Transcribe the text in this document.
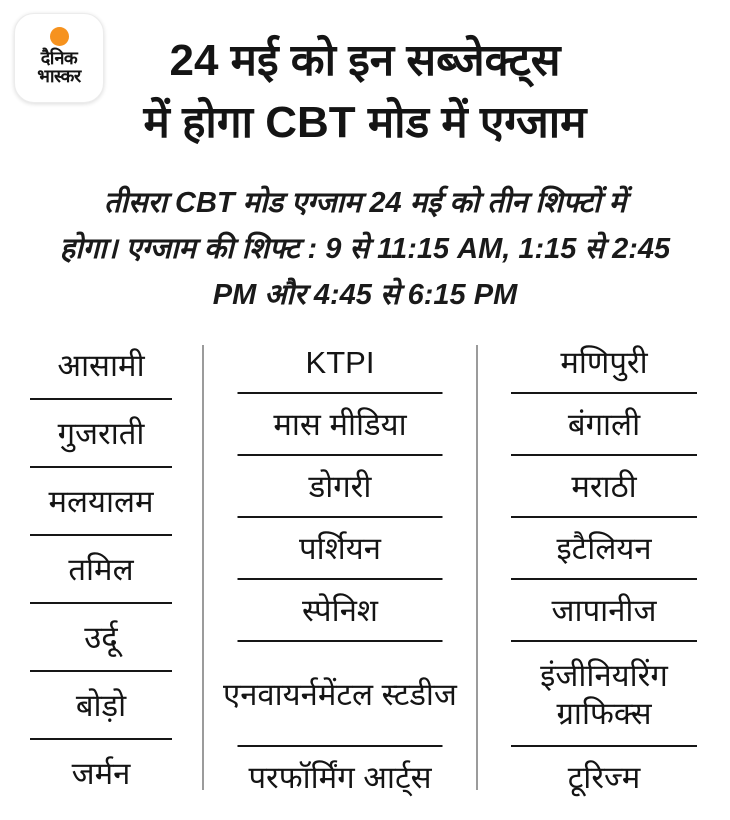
दैनिक
भास्कर	24 मई को इन सब्जेक्ट्स
में होगा CBT मोड में एग्जाम
तीसरा CBT मोड एग्जाम 24 मई को तीन शिफ्टों में
होगा। एग्जाम की शिफ्ट : 9 से 11:15 AM, 1:15 से 2:45
PM और 4:45 से 6:15 PM
आसामी
गुजराती
मलयालम
तमिल
उर्दू
बोड़ो
जर्मन
KTPI
मास मीडिया
डोगरी
पर्शियन
स्पेनिश
एनवायर्नमेंटल स्टडीज
परफॉर्मिंग आर्ट्स
मणिपुरी
बंगाली
मराठी
इटैलियन
जापानीज
इंजीनियरिंग ग्राफिक्स
टूरिज्म
